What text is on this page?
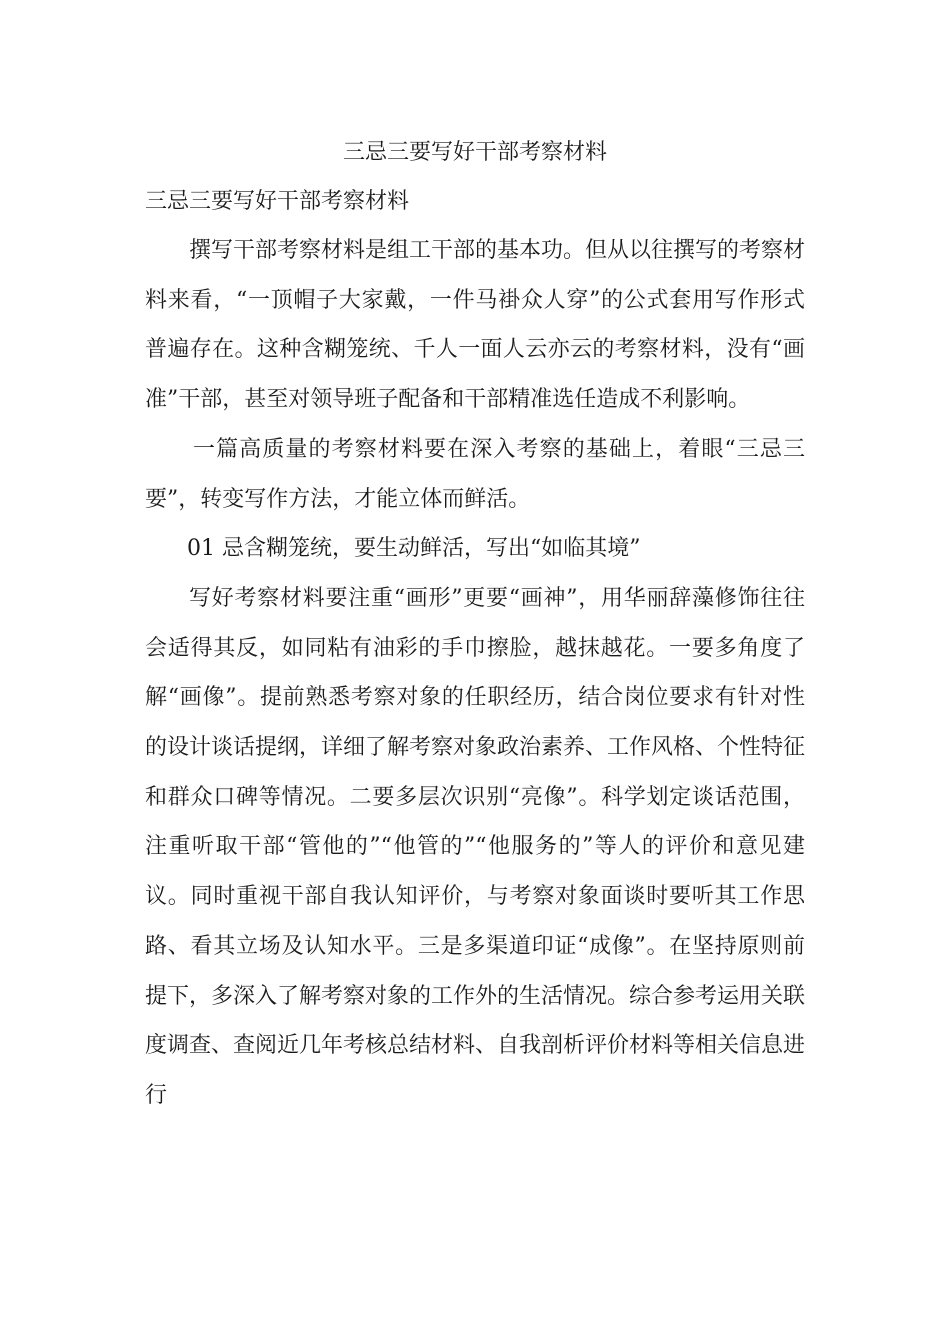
三忌三要写好干部考察材料
三忌三要写好干部考察材料

撰写干部考察材料是组工干部的基本功。但从以往撰写的考察材料来看，“一顶帽子大家戴，一件马褂众人穿”的公式套用写作形式普遍存在。这种含糊笼统、千人一面人云亦云的考察材料，没有“画准”干部，甚至对领导班子配备和干部精准选任造成不利影响。

一篇高质量的考察材料要在深入考察的基础上，着眼“三忌三要”，转变写作方法，才能立体而鲜活。

01 忌含糊笼统，要生动鲜活，写出“如临其境”

写好考察材料要注重“画形”更要“画神”，用华丽辞藻修饰往往会适得其反，如同粘有油彩的手巾擦脸，越抹越花。一要多角度了解“画像”。提前熟悉考察对象的任职经历，结合岗位要求有针对性的设计谈话提纲，详细了解考察对象政治素养、工作风格、个性特征和群众口碑等情况。二要多层次识别“亮像”。科学划定谈话范围，注重听取干部“管他的”“他管的”“他服务的”等人的评价和意见建议。同时重视干部自我认知评价，与考察对象面谈时要听其工作思路、看其立场及认知水平。三是多渠道印证“成像”。在坚持原则前提下，多深入了解考察对象的工作外的生活情况。综合参考运用关联度调查、查阅近几年考核总结材料、自我剖析评价材料等相关信息进行
